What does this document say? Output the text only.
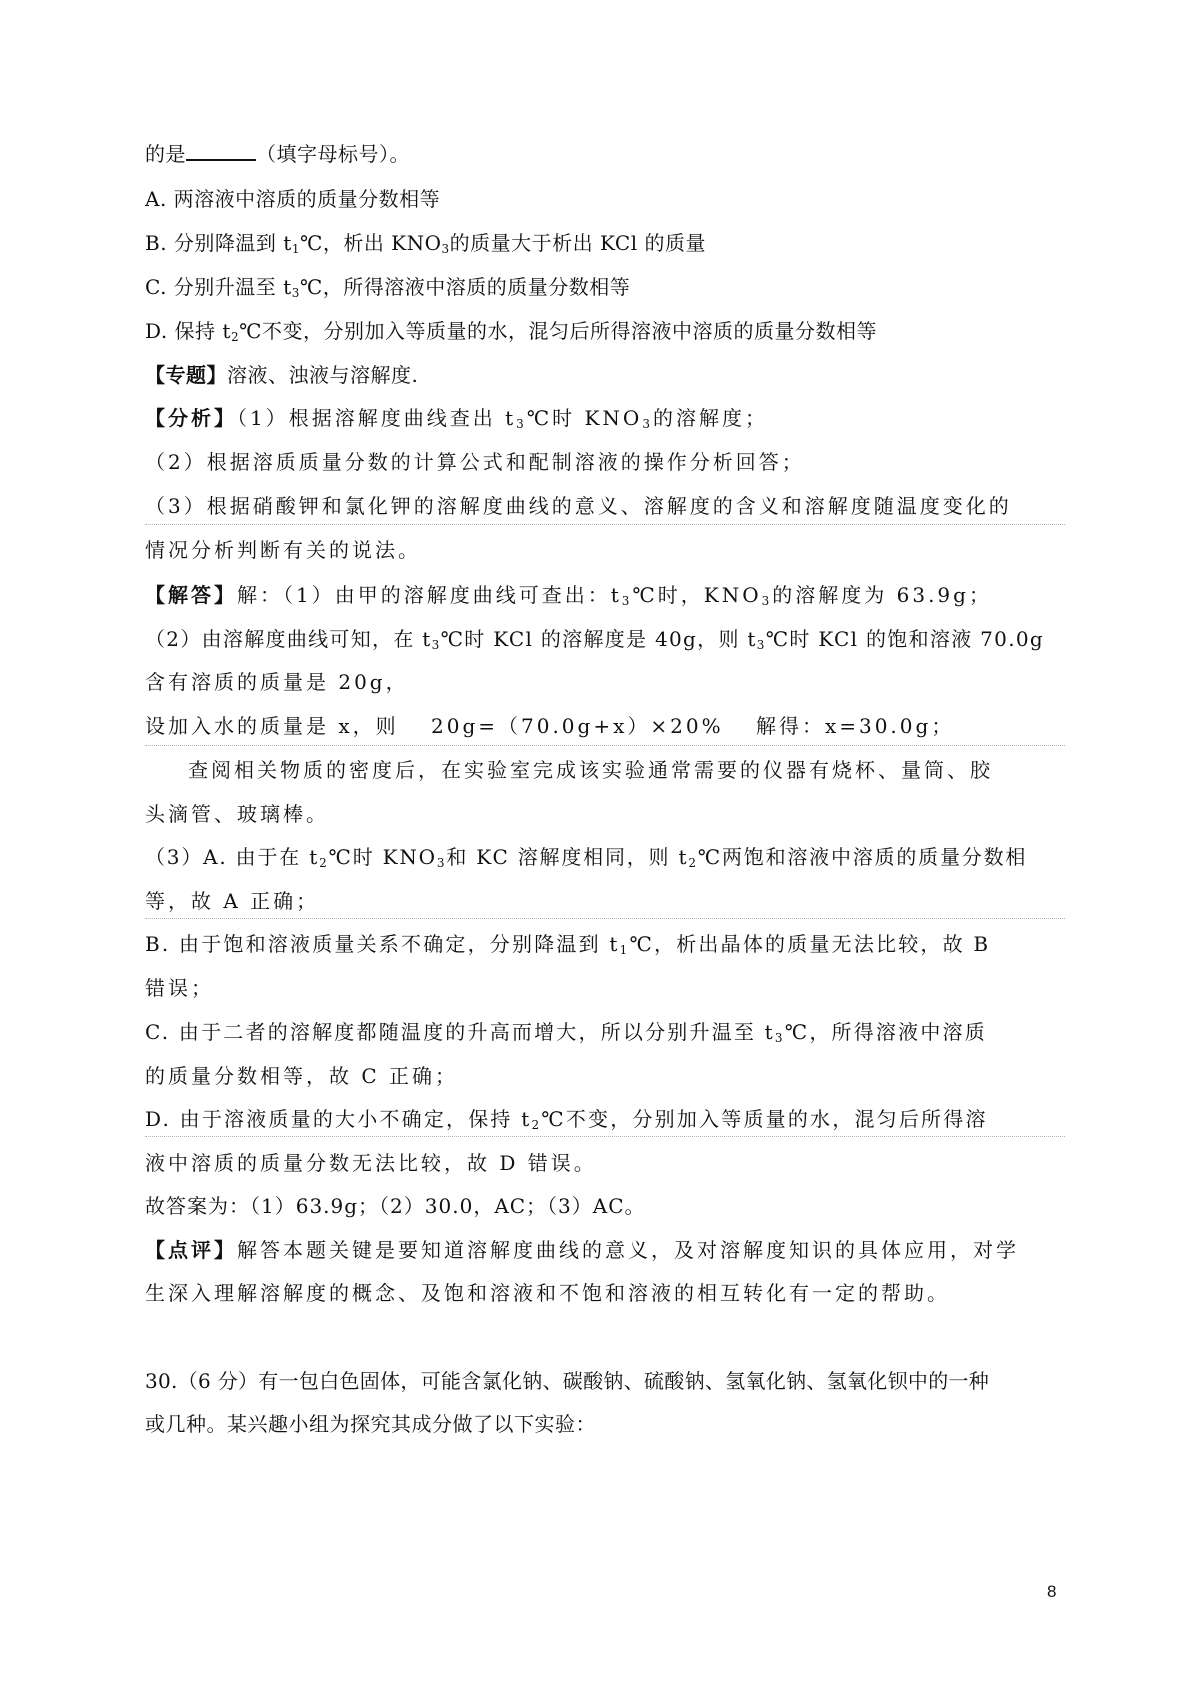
的是	（填字母标号）。
A. 两溶液中溶质的质量分数相等
B. 分别降温到 $t_1℃$，析出 $KNO_3$的质量大于析出 KCl 的质量
C. 分别升温至 $t_3℃$，所得溶液中溶质的质量分数相等
D. 保持 $t_2℃$不变，分别加入等质量的水，混匀后所得溶液中溶质的质量分数相等
【专题】溶液、浊液与溶解度.
【分析】（1）根据溶解度曲线查出 $t_3℃$时 $KNO_3$的溶解度；
（2）根据溶质质量分数的计算公式和配制溶液的操作分析回答；
（3）根据硝酸钾和氯化钾的溶解度曲线的意义、溶解度的含义和溶解度随温度变化的
情况分析判断有关的说法。
【解答】解：（1）由甲的溶解度曲线可查出：$t_3℃$时，$KNO_3$的溶解度为 63.9g；
（2）由溶解度曲线可知，在 $t_3℃$时 KCl 的溶解度是 40g，则 $t_3℃$时 KCl 的饱和溶液 70.0g
含有溶质的质量是 20g，
设加入水的质量是 x，则　 20g=（70.0g+x）×20%　 解得：x=30.0g；
查阅相关物质的密度后，在实验室完成该实验通常需要的仪器有烧杯、量筒、胶
头滴管、玻璃棒。
（3）A. 由于在 $t_2℃$时 $KNO_3$和 KC 溶解度相同，则 $t_2℃$两饱和溶液中溶质的质量分数相
等，故 A 正确；
B. 由于饱和溶液质量关系不确定，分别降温到 $t_1℃$，析出晶体的质量无法比较，故 B
错误；
C. 由于二者的溶解度都随温度的升高而增大，所以分别升温至 $t_3℃$，所得溶液中溶质
的质量分数相等，故 C 正确；
D. 由于溶液质量的大小不确定，保持 $t_2℃$不变，分别加入等质量的水，混匀后所得溶
液中溶质的质量分数无法比较，故 D 错误。
故答案为：（1）63.9g；（2）30.0，AC；（3）AC。
【点评】解答本题关键是要知道溶解度曲线的意义，及对溶解度知识的具体应用，对学
生深入理解溶解度的概念、及饱和溶液和不饱和溶液的相互转化有一定的帮助。
30.（6 分）有一包白色固体，可能含氯化钠、碳酸钠、硫酸钠、氢氧化钠、氢氧化钡中的一种
或几种。某兴趣小组为探究其成分做了以下实验：
8
